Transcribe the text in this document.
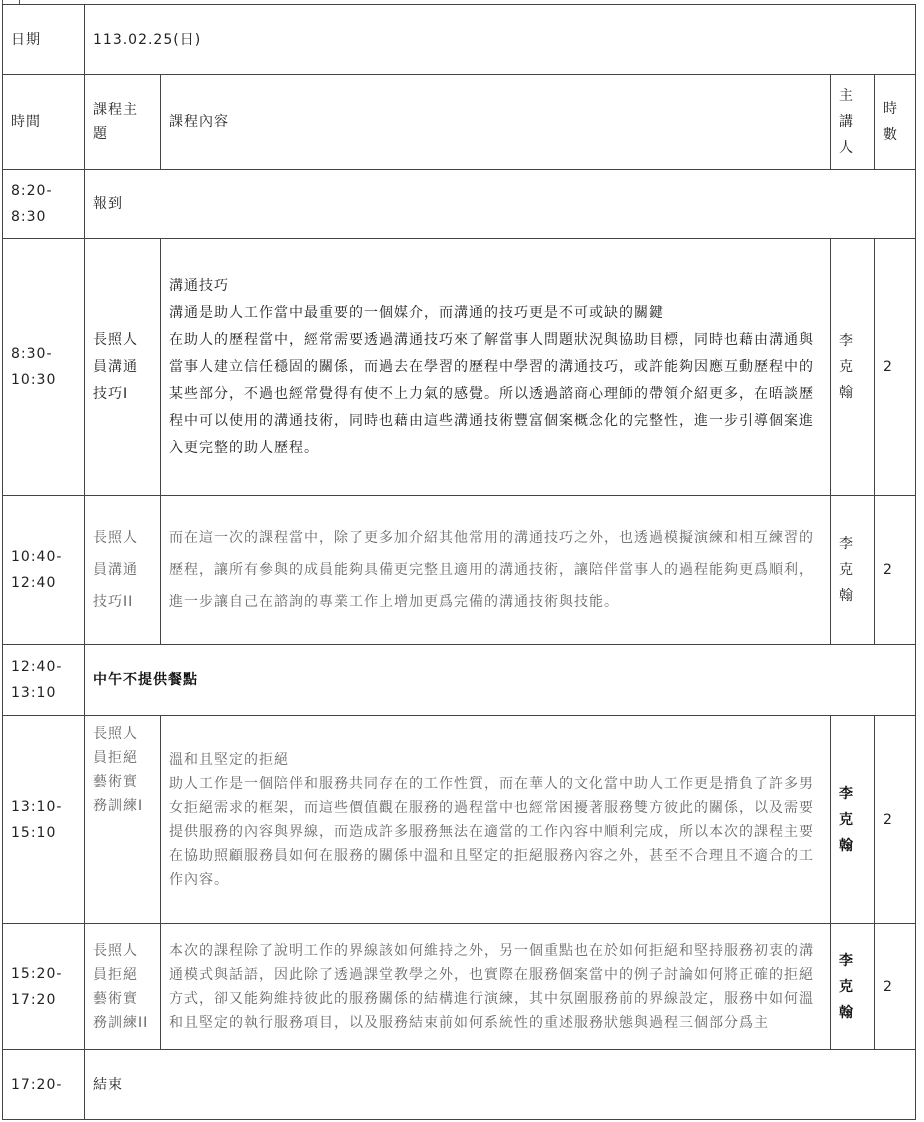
日期	113.02.25(日)			
時間	課程主題	課程內容	主講人	時數

8:20-8:30	報到			

8:30-10:30	長照人員溝通技巧I	溝通技巧
溝通是助人工作當中最重要的一個媒介，而溝通的技巧更是不可或缺的關鍵
在助人的歷程當中，經常需要透過溝通技巧來了解當事人問題狀況與協助目標，同時也藉由溝通與當事人建立信任穩固的關係，而過去在學習的歷程中學習的溝通技巧，或許能夠因應互動歷程中的某些部分，不過也經常覺得有使不上力氣的感覺。所以透過諮商心理師的帶領介紹更多，在晤談歷程中可以使用的溝通技術，同時也藉由這些溝通技術豐富個案概念化的完整性，進一步引導個案進入更完整的助人歷程。	李克翰	2

10:40-12:40	長照人員溝通技巧II	而在這一次的課程當中，除了更多加介紹其他常用的溝通技巧之外，也透過模擬演練和相互練習的歷程，讓所有參與的成員能夠具備更完整且適用的溝通技術，讓陪伴當事人的過程能夠更爲順利，進一步讓自己在諮詢的專業工作上增加更爲完備的溝通技術與技能。	李克翰	2

12:40-13:10	中午不提供餐點			

13:10-15:10	長照人員拒絕藝術實務訓練I	溫和且堅定的拒絕
助人工作是一個陪伴和服務共同存在的工作性質，而在華人的文化當中助人工作更是揹負了許多男女拒絕需求的框架，而這些價值觀在服務的過程當中也經常困擾著服務雙方彼此的關係，以及需要提供服務的內容與界線，而造成許多服務無法在適當的工作內容中順利完成，所以本次的課程主要在協助照顧服務員如何在服務的關係中溫和且堅定的拒絕服務內容之外，甚至不合理且不適合的工作內容。	李克翰	2

15:20-17:20	長照人員拒絕藝術實務訓練II	本次的課程除了說明工作的界線該如何維持之外，另一個重點也在於如何拒絕和堅持服務初衷的溝通模式與話語，因此除了透過課堂教學之外，也實際在服務個案當中的例子討論如何將正確的拒絕方式，卻又能夠維持彼此的服務關係的結構進行演練，其中氛圍服務前的界線設定，服務中如何溫和且堅定的執行服務項目，以及服務結束前如何系統性的重述服務狀態與過程三個部分爲主	李克翰	2
17:20-	結束			
